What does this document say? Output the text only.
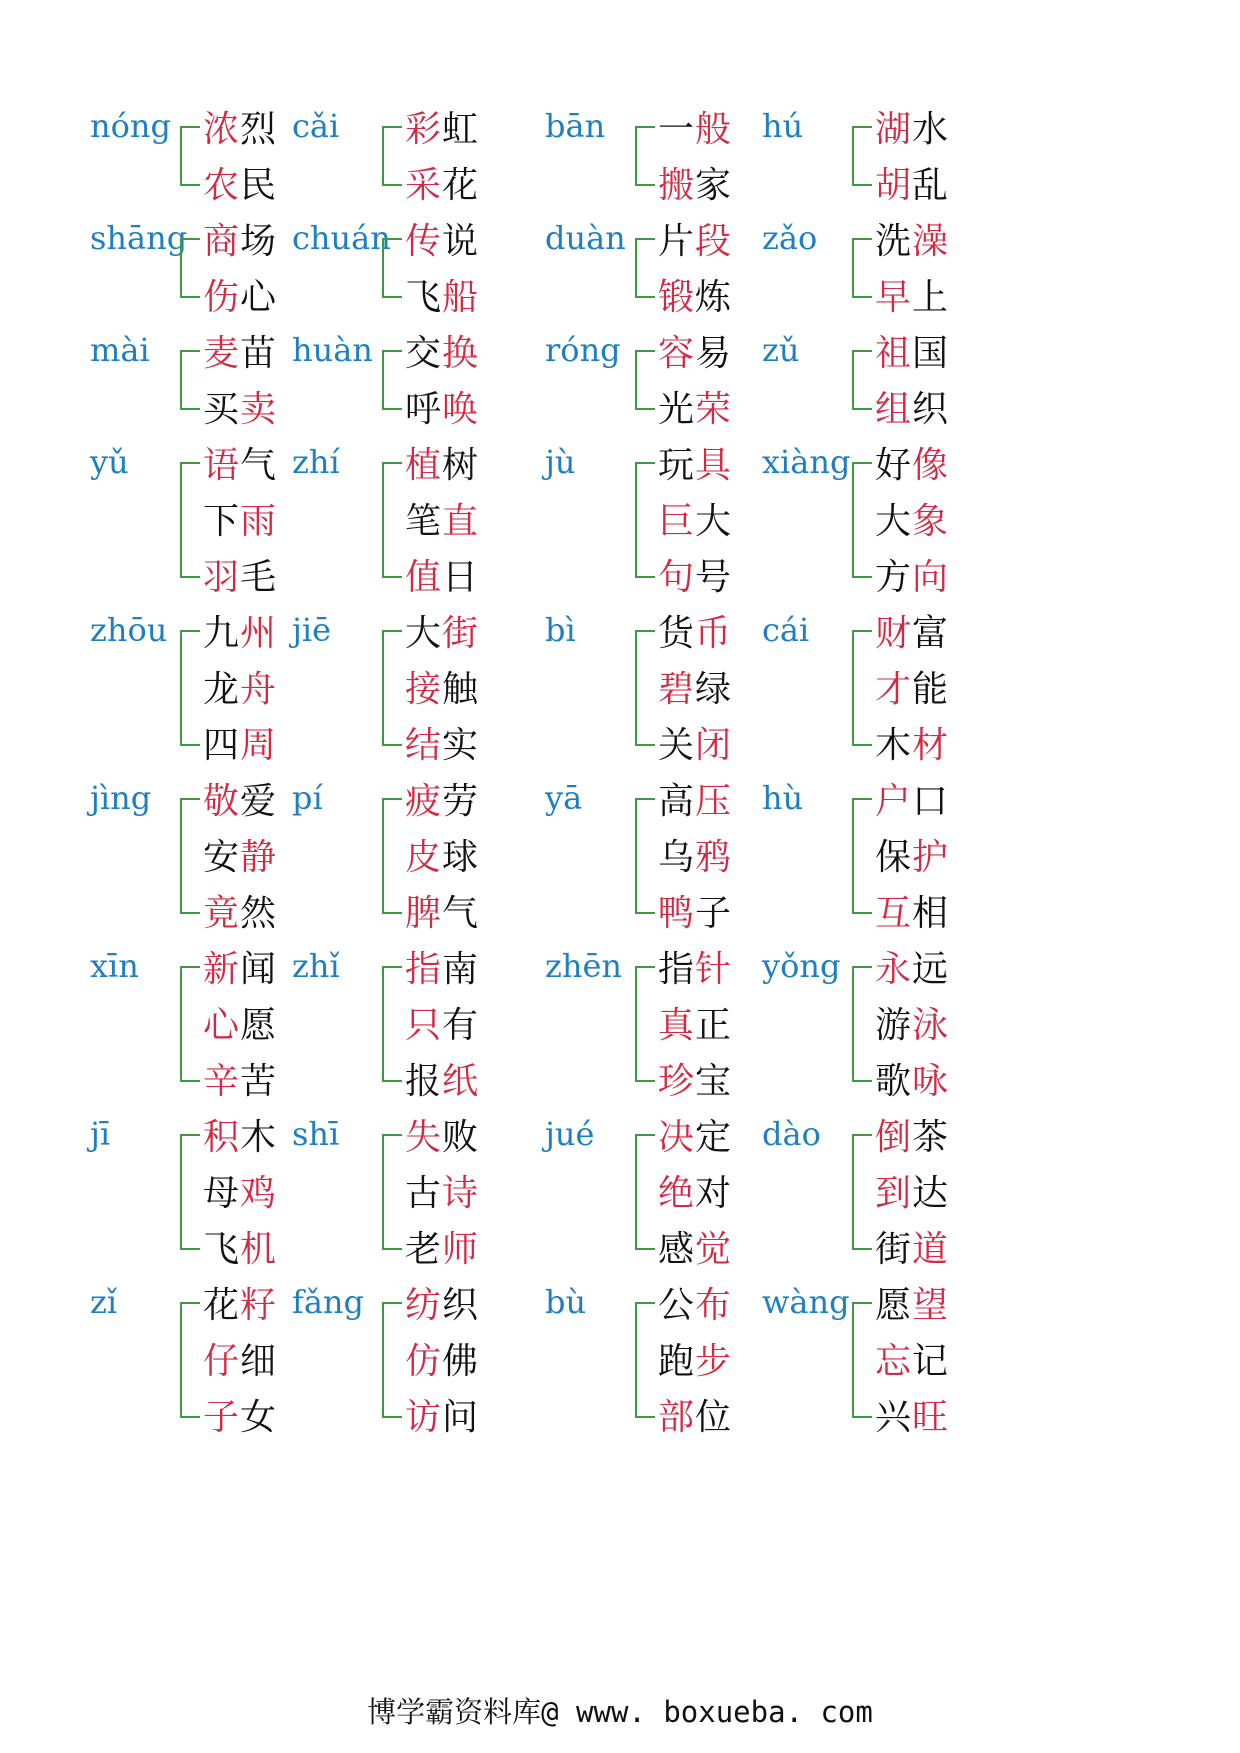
nóng 浓烈
农民
cǎi 彩虹
采花
bān 一般
搬家
hú 湖水
胡乱
shāng 商场
伤心
chuán 传说
飞船
duàn 片段
锻炼
zǎo 洗澡
早上
mài 麦苗
买卖
huàn 交换
呼唤
róng 容易
光荣
zǔ 祖国
组织
yǔ 语气
下雨
羽毛
zhí 植树
笔直
值日
jù 玩具
巨大
句号
xiàng 好像
大象
方向
zhōu 九州
龙舟
四周
jiē 大街
接触
结实
bì 货币
碧绿
关闭
cái 财富
才能
木材
jìng 敬爱
安静
竟然
pí 疲劳
皮球
脾气
yā 高压
乌鸦
鸭子
hù 户口
保护
互相
xīn 新闻
心愿
辛苦
zhǐ 指南
只有
报纸
zhēn 指针
真正
珍宝
yǒng 永远
游泳
歌咏
jī	积木
母鸡
飞机
shī 失败
古诗
老师
jué 决定
绝对
感觉
dào 倒茶
到达
街道
zǐ 花籽
仔细
子女
fǎng 纺织
仿佛
访问
bù 公布
跑步
部位
wàng 愿望
忘记
兴旺
博学霸资料库@ www. boxueba. com
